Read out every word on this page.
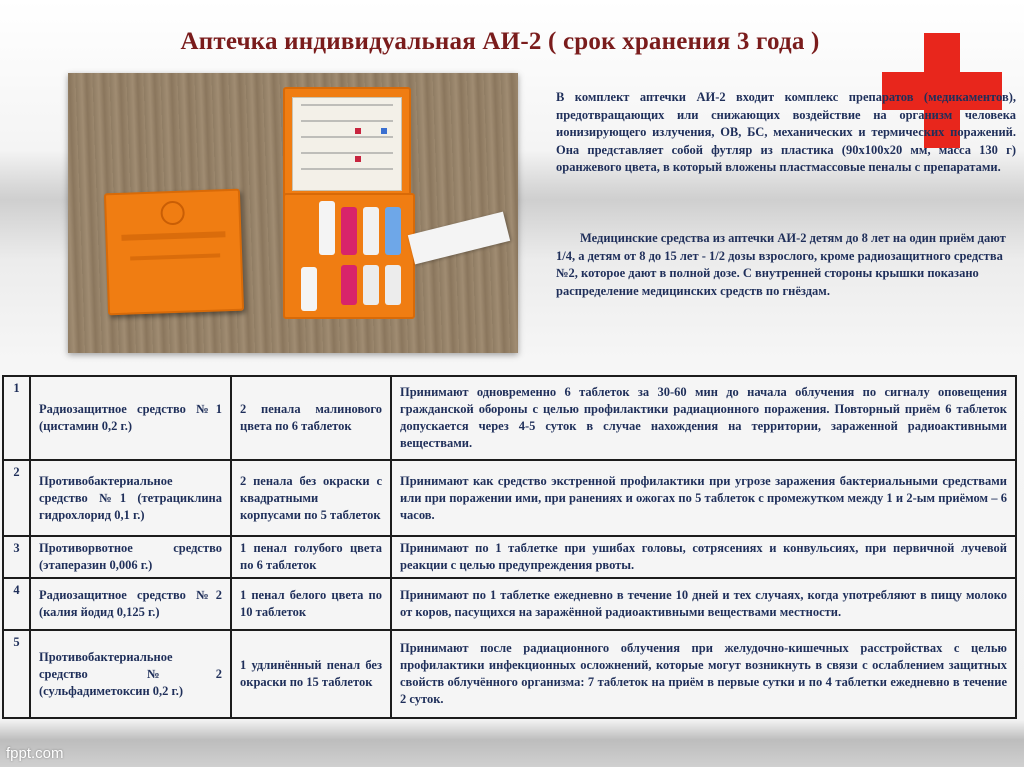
Аптечка индивидуальная АИ-2 ( срок хранения 3 года )

В комплект аптечки АИ-2 входит комплекс препаратов (медикаментов), предотвращающих или снижающих воздействие на организм человека ионизирующего излучения, ОВ, БС, механических и термических поражений. Она представляет собой футляр из пластика (90х100х20 мм, масса 130 г) оранжевого цвета, в который вложены пластмассовые пеналы с препаратами.

Медицинские средства из аптечки АИ-2 детям до 8 лет на один приём дают 1/4, а детям от 8 до 15 лет - 1/2 дозы взрослого, кроме радиозащитного средства №2, которое дают в полной дозе. С внутренней стороны крышки показано распределение медицинских средств по гнёздам.

1	Радиозащитное средство №1 (цистамин 0,2 г.)	2 пенала малинового цвета по 6 таблеток	Принимают одновременно 6 таблеток за 30-60 мин до начала облучения по сигналу оповещения гражданской обороны с целью профилактики радиационного поражения. Повторный приём 6 таблеток допускается через 4-5 суток в случае нахождения на территории, зараженной радиоактивными веществами.
2	Противобактериальное средство №1 (тетрациклина гидрохлорид 0,1 г.)	2 пенала без окраски с квадратными корпусами по 5 таблеток	Принимают как средство экстренной профилактики при угрозе заражения бактериальными средствами или при поражении ими, при ранениях и ожогах по 5 таблеток с промежутком между 1 и 2-ым приёмом – 6 часов.
3	Противорвотное средство (этаперазин 0,006 г.)	1 пенал голубого цвета по 6 таблеток	Принимают по 1 таблетке при ушибах головы, сотрясениях и конвульсиях, при первичной лучевой реакции с целью предупреждения рвоты.
4	Радиозащитное средство №2 (калия йодид 0,125 г.)	1 пенал белого цвета по 10 таблеток	Принимают по 1 таблетке ежедневно в течение 10 дней и тех случаях, когда употребляют в пищу молоко от коров, пасущихся на заражённой радиоактивными веществами местности.
5	Противобактериальное средство №2 (сульфадиметоксин 0,2 г.)	1 удлинённый пенал без окраски по 15 таблеток	Принимают после радиационного облучения при желудочно-кишечных расстройствах с целью профилактики инфекционных осложнений, которые могут возникнуть в связи с ослаблением защитных свойств облучённого организма: 7 таблеток на приём в первые сутки и по 4 таблетки ежедневно в течение 2 суток.
fppt.com
